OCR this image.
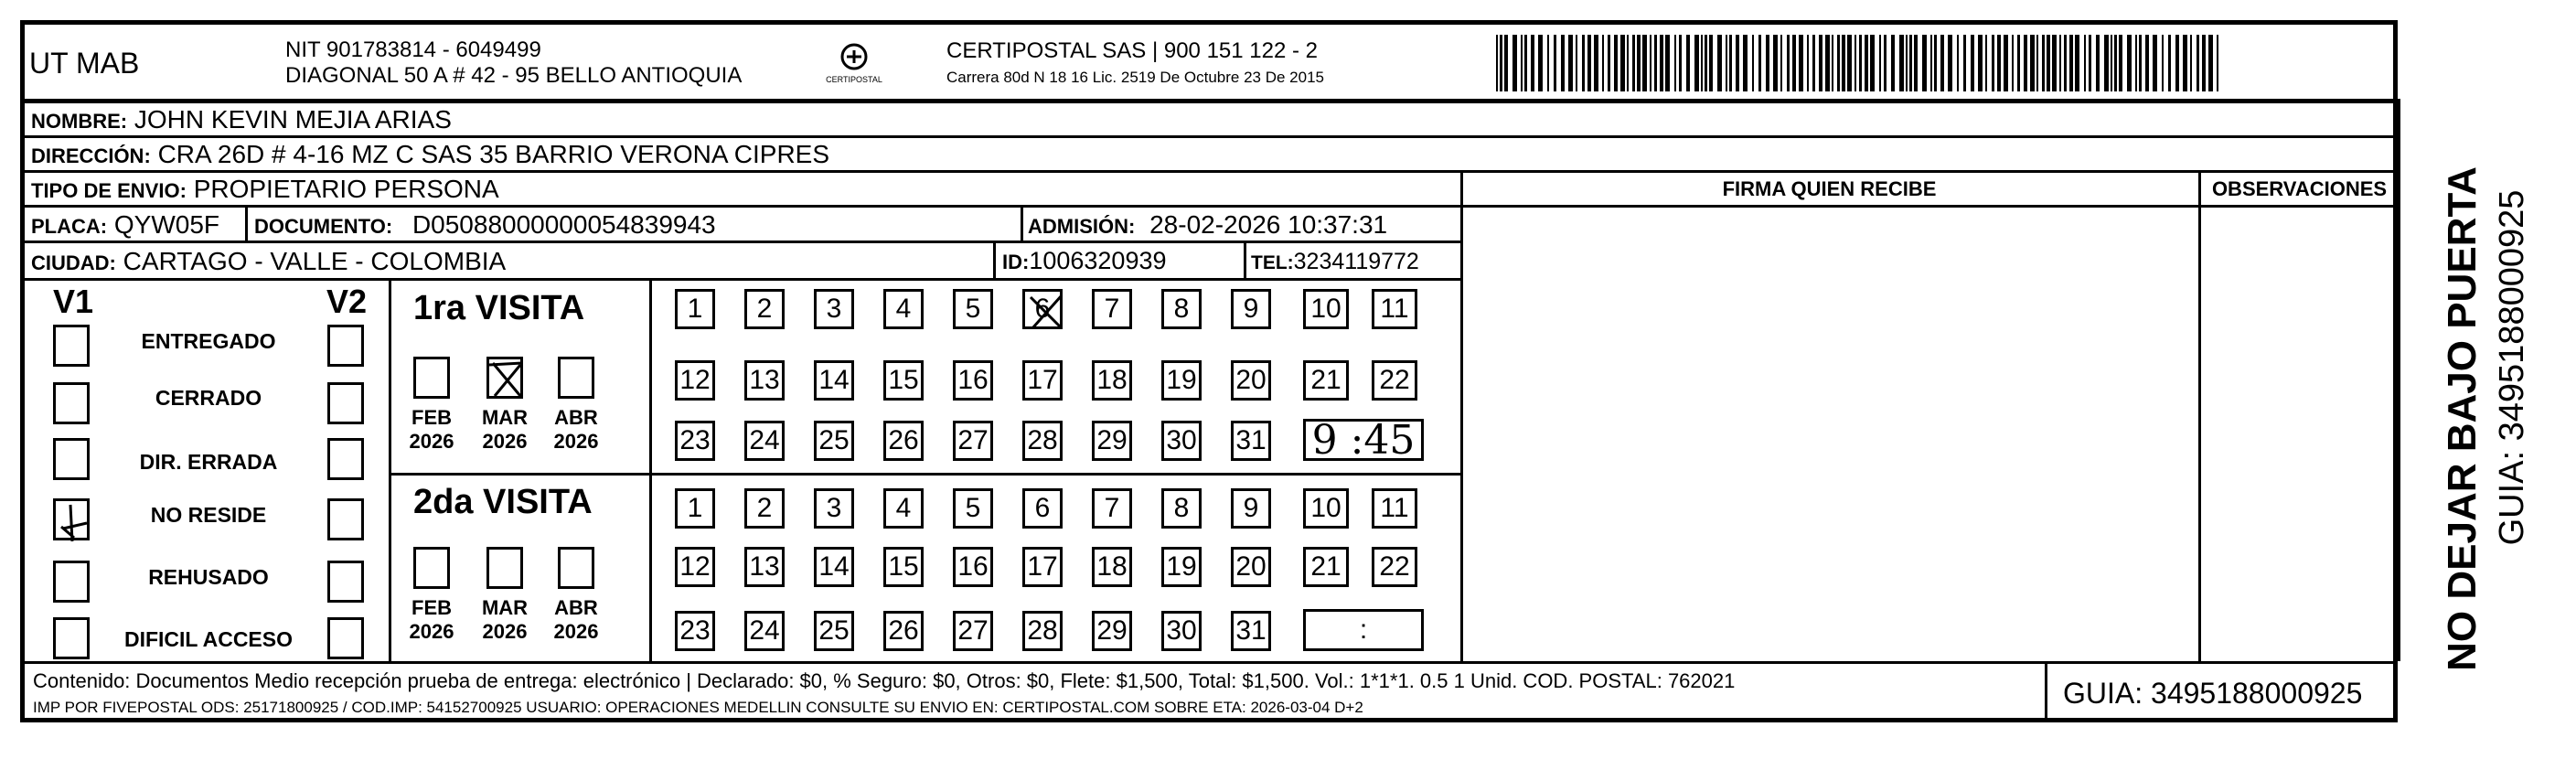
UT MAB	NIT 901783814 - 6049499
DIAGONAL 50 A # 42 - 95 BELLO ANTIOQUIA	CERTIPOSTAL
CERTIPOSTAL SAS | 900 151 122 - 2
Carrera 80d N 18 16 Lic. 2519 De Octubre 23 De 2015
NOMBRE: JOHN KEVIN MEJIA ARIAS
DIRECCIÓN: CRA 26D # 4-16 MZ C SAS 35 BARRIO VERONA CIPRES
TIPO DE ENVIO: PROPIETARIO PERSONA
PLACA: QYW05F DOCUMENTO: D05088000000054839943	ADMISIÓN: 28-02-2026 10:37:31
CIUDAD: CARTAGO - VALLE - COLOMBIA	ID:1006320939	TEL:3234119772
FIRMA QUIEN RECIBE	OBSERVACIONES
V1	V2
ENTREGADO
CERRADO
DIR. ERRADA
NO RESIDE
REHUSADO
DIFICIL ACCESO
1ra VISITA
FEB
2026
MAR
2026
ABR
2026
1	2	3	4	5	6	7	8	9	10	11
12 13 14 15 16 17 18 19 20 21 22
23 24 25 26 27 28 29 30 31 9 :45
2da VISITA
FEB
2026
MAR
2026
ABR
2026
1	2	3	4	5	6	7	8	9	10	11
12 13 14 15 16 17 18 19 20 21 22
23 24 25 26 27 28 29 30 31	:
Contenido: Documentos Medio recepción prueba de entrega: electrónico | Declarado: $0, % Seguro: $0, Otros: $0, Flete: $1,500, Total: $1,500. Vol.: 1*1*1. 0.5 1 Unid. COD. POSTAL: 762021
IMP POR FIVEPOSTAL ODS: 25171800925 / COD.IMP: 54152700925 USUARIO: OPERACIONES MEDELLIN CONSULTE SU ENVIO EN: CERTIPOSTAL.COM SOBRE ETA: 2026-03-04 D+2	GUIA: 3495188000925
NO DEJAR BAJO PUERTA GUIA: 3495188000925
